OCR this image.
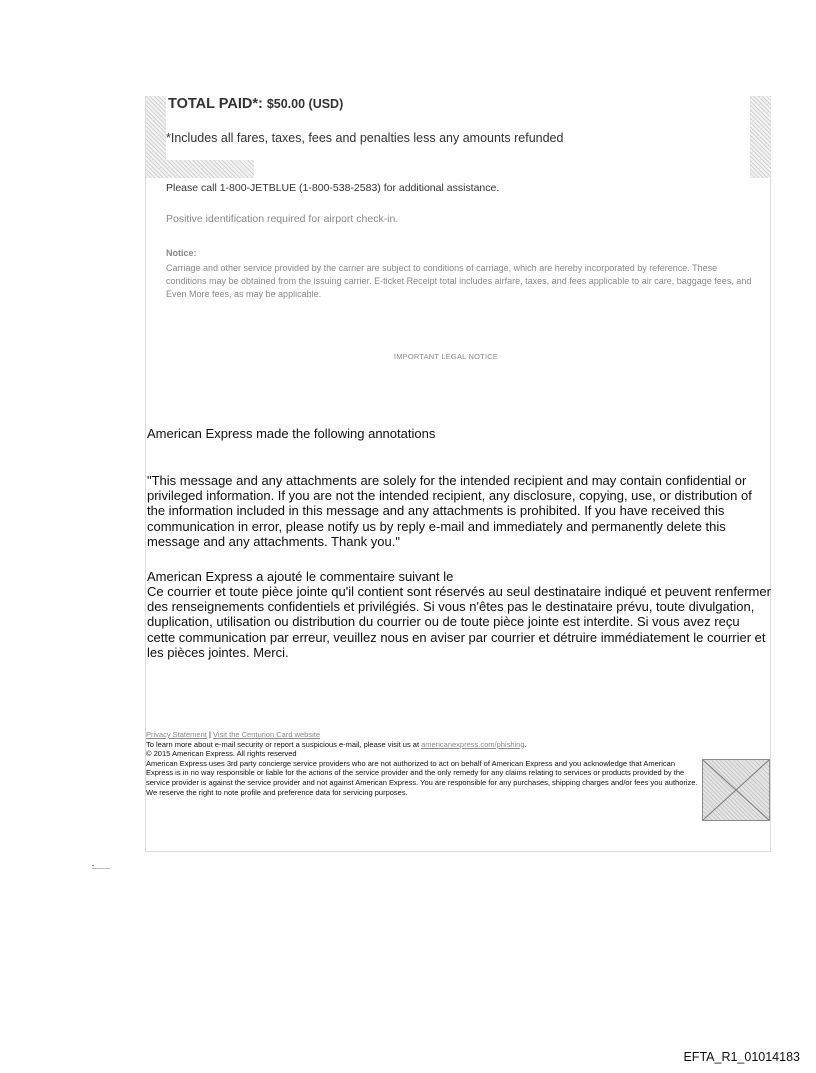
TOTAL PAID*: $50.00 (USD)
*Includes all fares, taxes, fees and penalties less any amounts refunded
Please call 1-800-JETBLUE (1-800-538-2583) for additional assistance.
Positive identification required for airport check-in.
Notice:
Carriage and other service provided by the carrier are subject to conditions of carriage, which are hereby incorporated by reference. These conditions may be obtained from the issuing carrier. E-ticket Receipt total includes airfare, taxes, and fees applicable to air care, baggage fees, and Even More fees, as may be applicable.
IMPORTANT LEGAL NOTICE
American Express made the following annotations
"This message and any attachments are solely for the intended recipient and may contain confidential or privileged information. If you are not the intended recipient, any disclosure, copying, use, or distribution of the information included in this message and any attachments is prohibited. If you have received this communication in error, please notify us by reply e-mail and immediately and permanently delete this message and any attachments. Thank you."
American Express a ajouté le commentaire suivant le
Ce courrier et toute pièce jointe qu'il contient sont réservés au seul destinataire indiqué et peuvent renfermer des renseignements confidentiels et privilégiés. Si vous n'êtes pas le destinataire prévu, toute divulgation, duplication, utilisation ou distribution du courrier ou de toute pièce jointe est interdite. Si vous avez reçu cette communication par erreur, veuillez nous en aviser par courrier et détruire immédiatement le courrier et les pièces jointes. Merci.
Privacy Statement | Visit the Centurion Card website
To learn more about e-mail security or report a suspicious e-mail, please visit us at americanexpress.com/phishing.
© 2015 American Express. All rights reserved
American Express uses 3rd party concierge service providers who are not authorized to act on behalf of American Express and you acknowledge that American Express is in no way responsible or liable for the actions of the service provider and the only remedy for any claims relating to services or products provided by the service provider is against the service provider and not against American Express. You are responsible for any purchases, shipping charges and/or fees you authorize. We reserve the right to note profile and preference data for servicing purposes.
EFTA_R1_01014183
